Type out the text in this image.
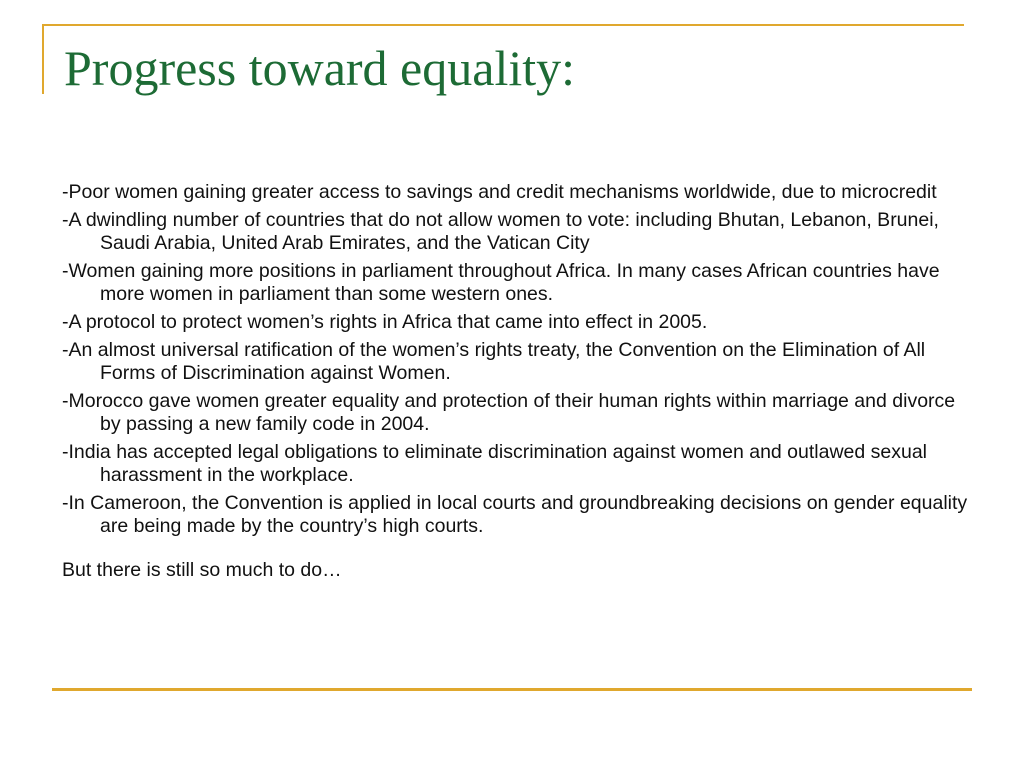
Progress toward equality:
-Poor women gaining greater access to savings and credit mechanisms worldwide, due to microcredit
-A dwindling number of countries that do not allow women to vote: including Bhutan, Lebanon, Brunei, Saudi Arabia, United Arab Emirates, and the Vatican City
-Women gaining more positions in parliament throughout Africa. In many cases African countries have more women in parliament than some western ones.
-A protocol to protect women’s rights in Africa that came into effect in 2005.
-An almost universal ratification of the women’s rights treaty, the Convention on the Elimination of All Forms of Discrimination against Women.
-Morocco gave women greater equality and protection of their human rights within marriage and divorce by passing a new family code in 2004.
-India has accepted legal obligations to eliminate discrimination against women and outlawed sexual harassment in the workplace.
-In Cameroon, the Convention is applied in local courts and groundbreaking decisions on gender equality are being made by the country’s high courts.

But there is still so much to do…
